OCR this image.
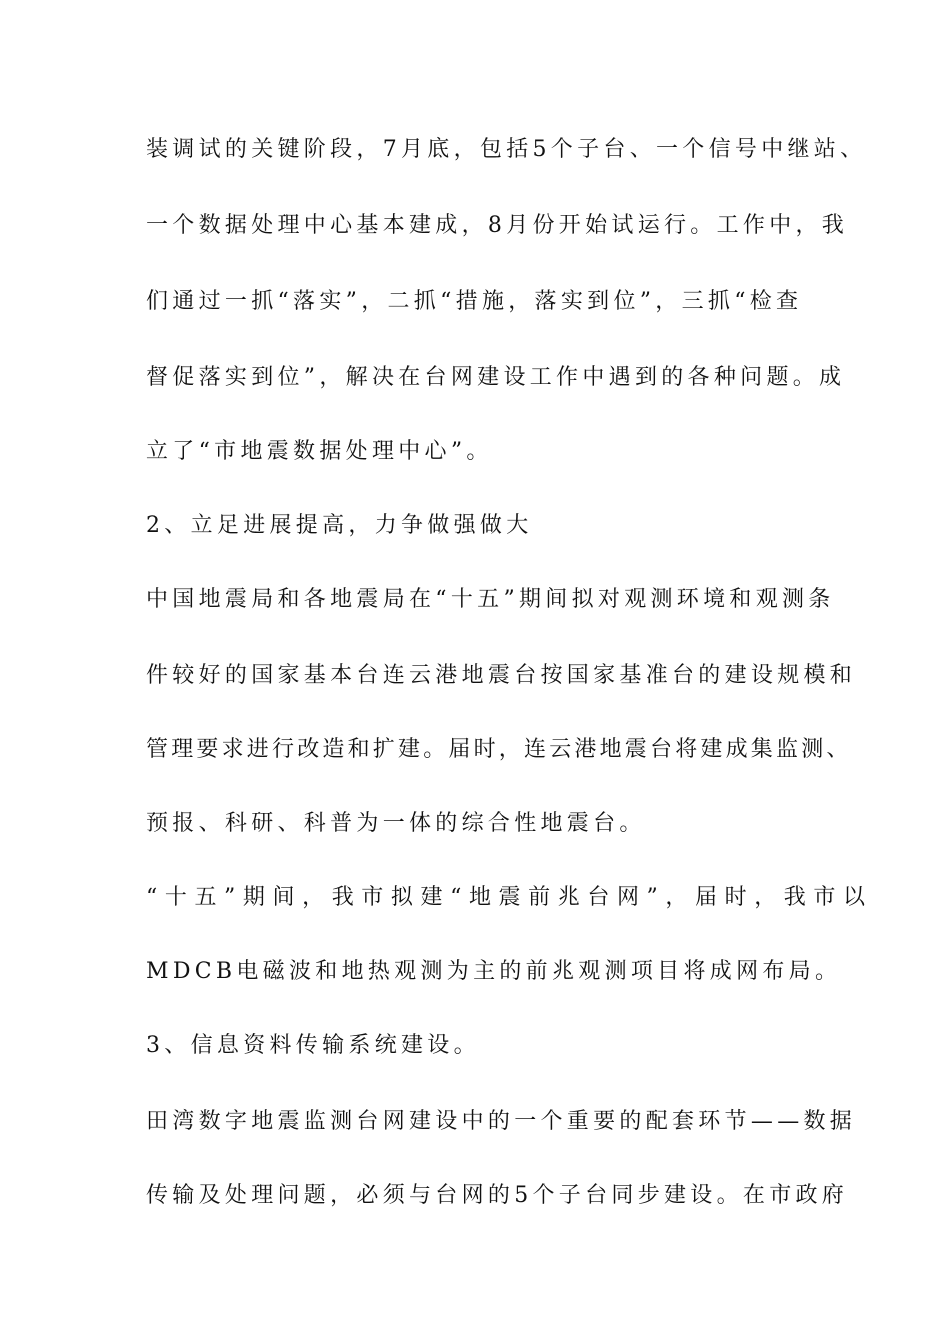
装调试的关键阶段，7月底，包括5个子台、一个信号中继站、
一个数据处理中心基本建成，8月份开始试运行。工作中，我
们通过一抓“落实”，二抓“措施，落实到位”，三抓“检查
督促落实到位”，解决在台网建设工作中遇到的各种问题。成
立了“市地震数据处理中心”。
2、立足进展提高，力争做强做大
中国地震局和各地震局在“十五”期间拟对观测环境和观测条
件较好的国家基本台连云港地震台按国家基准台的建设规模和
管理要求进行改造和扩建。届时，连云港地震台将建成集监测、
预报、科研、科普为一体的综合性地震台。
“十五”期间，我市拟建“地震前兆台网”，届时，我市以
MDCB电磁波和地热观测为主的前兆观测项目将成网布局。
3、信息资料传输系统建设。
田湾数字地震监测台网建设中的一个重要的配套环节——数据
传输及处理问题，必须与台网的5个子台同步建设。在市政府
